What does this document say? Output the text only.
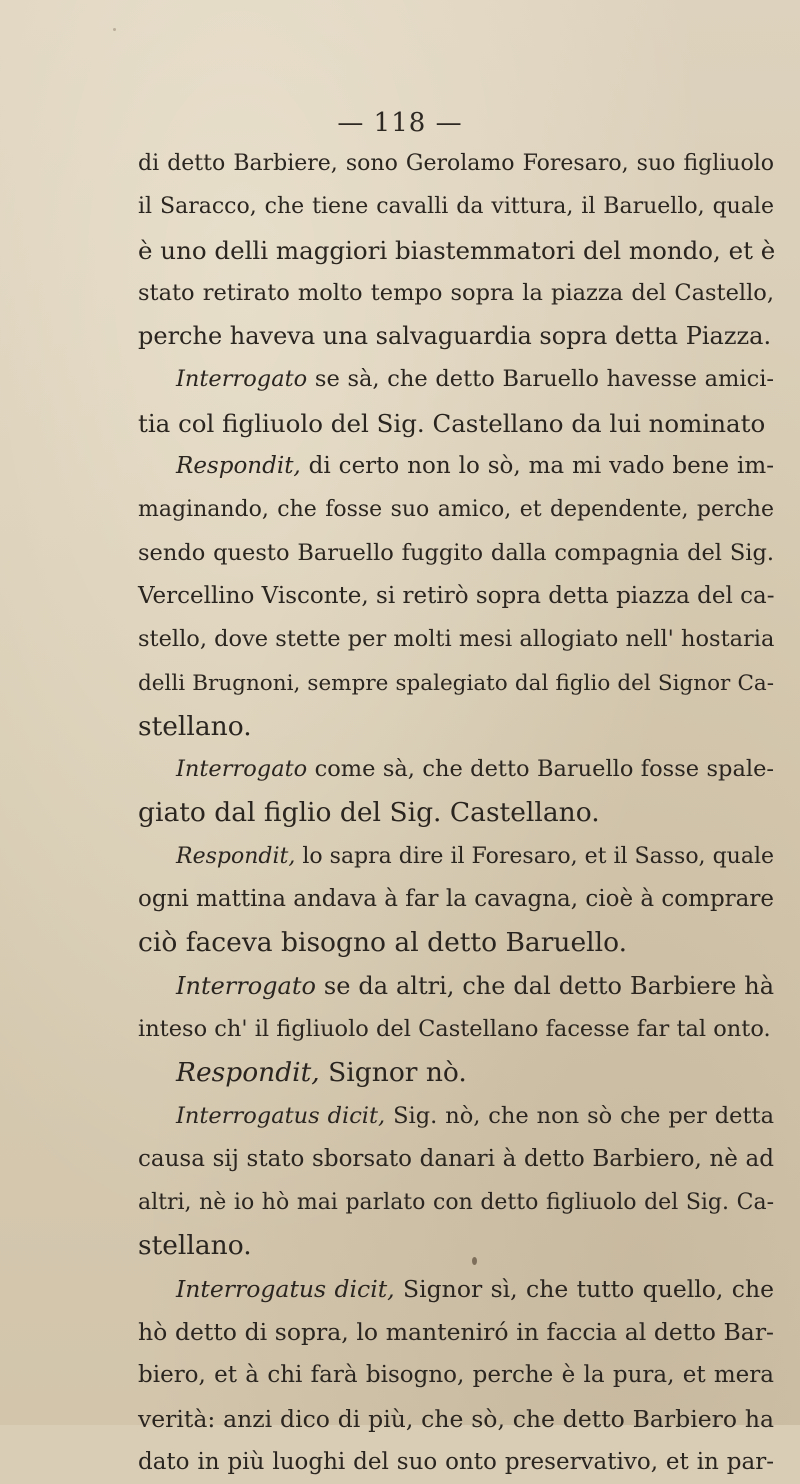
— 118 —
di detto Barbiere, sono Gerolamo Foresaro, suo figliuolo
il Saracco, che tiene cavalli da vittura, il Baruello, quale
è uno delli maggiori biastemmatori del mondo, et è
stato retirato molto tempo sopra la piazza del Castello,
perche haveva una salvaguardia sopra detta Piazza.
Interrogato se sà, che detto Baruello havesse amici-
tia col figliuolo del Sig. Castellano da lui nominato
Respondit, di certo non lo sò, ma mi vado bene im-
maginando, che fosse suo amico, et dependente, perche
sendo questo Baruello fuggito dalla compagnia del Sig.
Vercellino Visconte, si retirò sopra detta piazza del ca-
stello, dove stette per molti mesi allogiato nell' hostaria
delli Brugnoni, sempre spalegiato dal figlio del Signor Ca-
stellano.
Interrogato come sà, che detto Baruello fosse spale-
giato dal figlio del Sig. Castellano.
Respondit, lo sapra dire il Foresaro, et il Sasso, quale
ogni mattina andava à far la cavagna, cioè à comprare
ciò faceva bisogno al detto Baruello.
Interrogato se da altri, che dal detto Barbiere hà
inteso ch' il figliuolo del Castellano facesse far tal onto.
Respondit, Signor nò.
Interrogatus dicit, Sig. nò, che non sò che per detta
causa sij stato sborsato danari à detto Barbiero, nè ad
altri, nè io hò mai parlato con detto figliuolo del Sig. Ca-
stellano.
Interrogatus dicit, Signor sì, che tutto quello, che
hò detto di sopra, lo manteniró in faccia al detto Bar-
biero, et à chi farà bisogno, perche è la pura, et mera
verità: anzi dico di più, che sò, che detto Barbiero ha
dato in più luoghi del suo onto preservativo, et in par-
